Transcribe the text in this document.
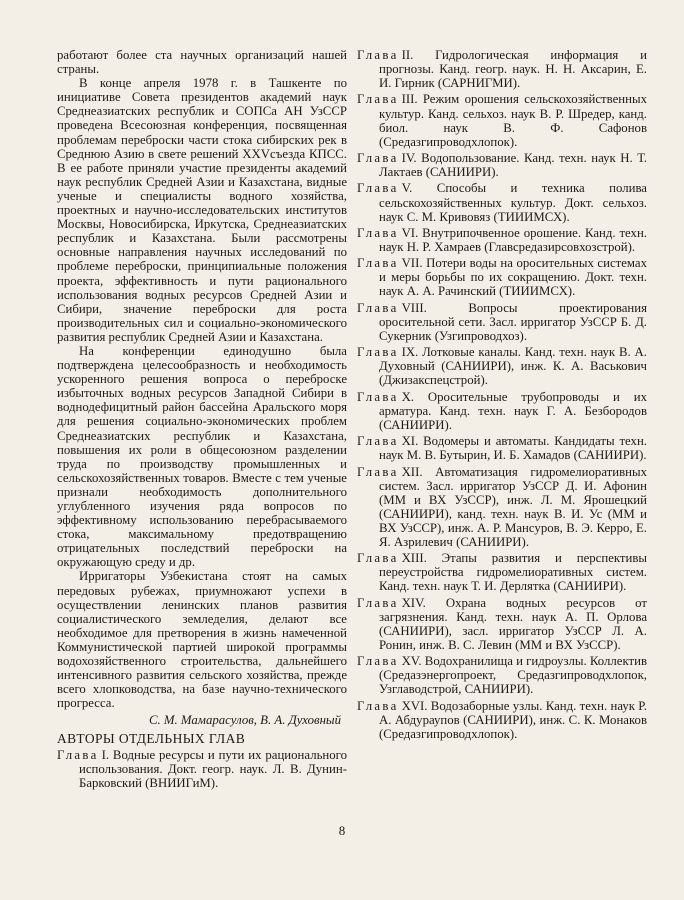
работают более ста научных организаций нашей страны.

В конце апреля 1978 г. в Ташкенте по инициативе Совета президентов академий наук Среднеазиатских республик и СОПСа АН УзССР проведена Всесоюзная конференция, посвященная проблемам переброски части стока сибирских рек в Среднюю Азию в свете решений XXVсъезда КПСС. В ее работе приняли участие президенты академий наук республик Средней Азии и Казахстана, видные ученые и специалисты водного хозяйства, проектных и научно-исследовательских институтов Москвы, Новосибирска, Иркутска, Среднеазиатских республик и Казахстана. Были рассмотрены основные направления научных исследований по проблеме переброски, принципиальные положения проекта, эффективность и пути рационального использования водных ресурсов Средней Азии и Сибири, значение переброски для роста производительных сил и социально-экономического развития республик Средней Азии и Казахстана.

На конференции единодушно была подтверждена целесообразность и необходимость ускоренного решения вопроса о переброске избыточных водных ресурсов Западной Сибири в воднодефицитный район бассейна Аральского моря для решения социально-экономических проблем Среднеазиатских республик и Казахстана, повышения их роли в общесоюзном разделении труда по производству промышленных и сельскохозяйственных товаров. Вместе с тем ученые признали необходимость дополнительного углубленного изучения ряда вопросов по эффективному использованию перебрасываемого стока, максимальному предотвращению отрицательных последствий переброски на окружающую среду и др.

Ирригаторы Узбекистана стоят на самых передовых рубежах, приумножают успехи в осуществлении ленинских планов развития социалистического земледелия, делают все необходимое для претворения в жизнь намеченной Коммунистической партией широкой программы водохозяйственного строительства, дальнейшего интенсивного развития сельского хозяйства, прежде всего хлопководства, на базе научно-технического прогресса.

С. М. Мамарасулов, В. А. Духовный
АВТОРЫ ОТДЕЛЬНЫХ ГЛАВ
Глава I. Водные ресурсы и пути их рационального использования. Докт. геогр. наук. Л. В. Дунин-Барковский (ВНИИГиМ).
Глава II. Гидрологическая информация и прогнозы. Канд. геогр. наук. Н. Н. Аксарин, Е. И. Гирник (САРНИГМИ).
Глава III. Режим орошения сельскохозяйственных культур. Канд. сельхоз. наук В. Р. Шредер, канд. биол. наук В. Ф. Сафонов (Средазгипроводхлопок).
Глава IV. Водопользование. Канд. техн. наук Н. Т. Лактаев (САНИИРИ).
Глава V. Способы и техника полива сельскохозяйственных культур. Докт. сельхоз. наук С. М. Кривовяз (ТИИИМСХ).
Глава VI. Внутрипочвенное орошение. Канд. техн. наук Н. Р. Хамраев (Главсредазирсовхозстрой).
Глава VII. Потери воды на оросительных системах и меры борьбы по их сокращению. Докт. техн. наук А. А. Рачинский (ТИИИМСХ).
Глава VIII. Вопросы проектирования оросительной сети. Засл. ирригатор УзССР Б. Д. Сукерник (Узгипроводхоз).
Глава IX. Лотковые каналы. Канд. техн. наук В. А. Духовный (САНИИРИ), инж. К. А. Васькович (Джизакспецстрой).
Глава X. Оросительные трубопроводы и их арматура. Канд. техн. наук Г. А. Безбородов (САНИИРИ).
Глава XI. Водомеры и автоматы. Кандидаты техн. наук М. В. Бутырин, И. Б. Хамадов (САНИИРИ).
Глава XII. Автоматизация гидромелиоративных систем. Засл. ирригатор УзССР Д. И. Афонин (ММ и ВХ УзССР), инж. Л. М. Ярошецкий (САНИИРИ), канд. техн. наук В. И. Ус (ММ и ВХ УзССР), инж. А. Р. Мансуров, В. Э. Керро, Е. Я. Азрилевич (САНИИРИ).
Глава XIII. Этапы развития и перспективы переустройства гидромелиоративных систем. Канд. техн. наук Т. И. Дерлятка (САНИИРИ).
Глава XIV. Охрана водных ресурсов от загрязнения. Канд. техн. наук А. П. Орлова (САНИИРИ), засл. ирригатор УзССР Л. А. Ронин, инж. В. С. Левин (ММ и ВХ УзССР).
Глава XV. Водохранилища и гидроузлы. Коллектив (Средазэнергопроект, Средазгипроводхлопок, Узглаводстрой, САНИИРИ).
Глава XVI. Водозаборные узлы. Канд. техн. наук Р. А. Абдураупов (САНИИРИ), инж. С. К. Монаков (Средазгипроводхлопок).
8
